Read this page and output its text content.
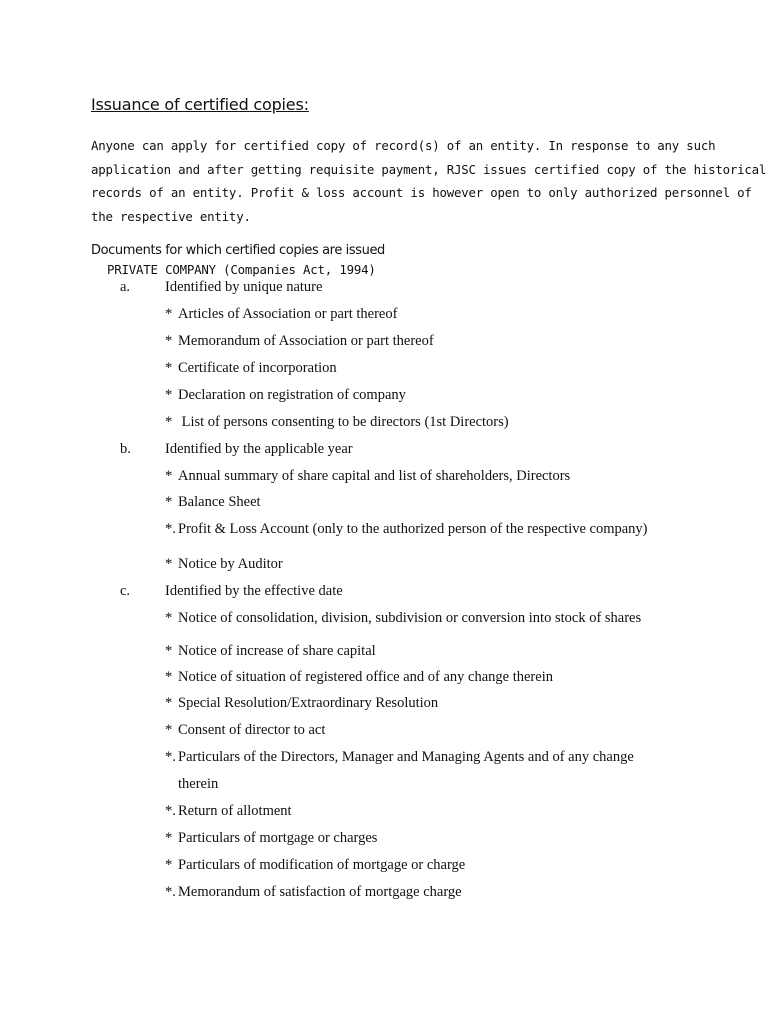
Issuance of certified copies:
Anyone can apply for certified copy of record(s) of an entity. In response to any such
application and after getting requisite payment, RJSC issues certified copy of the historical
records of an entity. Profit & loss account is however open to only authorized personnel of
the respective entity.
Documents for which certified copies are issued
PRIVATE COMPANY (Companies Act, 1994)
a. Identified by unique nature
* Articles of Association or part thereof
* Memorandum of Association or part thereof
* Certificate of incorporation
* Declaration on registration of company
* List of persons consenting to be directors (1st Directors)
b. Identified by the applicable year
* Annual summary of share capital and list of shareholders, Directors
* Balance Sheet
*. Profit & Loss Account (only to the authorized person of the respective company)
* Notice by Auditor
c. Identified by the effective date
* Notice of consolidation, division, subdivision or conversion into stock of shares
* Notice of increase of share capital
* Notice of situation of registered office and of any change therein
* Special Resolution/Extraordinary Resolution
* Consent of director to act
*. Particulars of the Directors, Manager and Managing Agents and of any change
therein
*. Return of allotment
* Particulars of mortgage or charges
* Particulars of modification of mortgage or charge
*. Memorandum of satisfaction of mortgage charge
